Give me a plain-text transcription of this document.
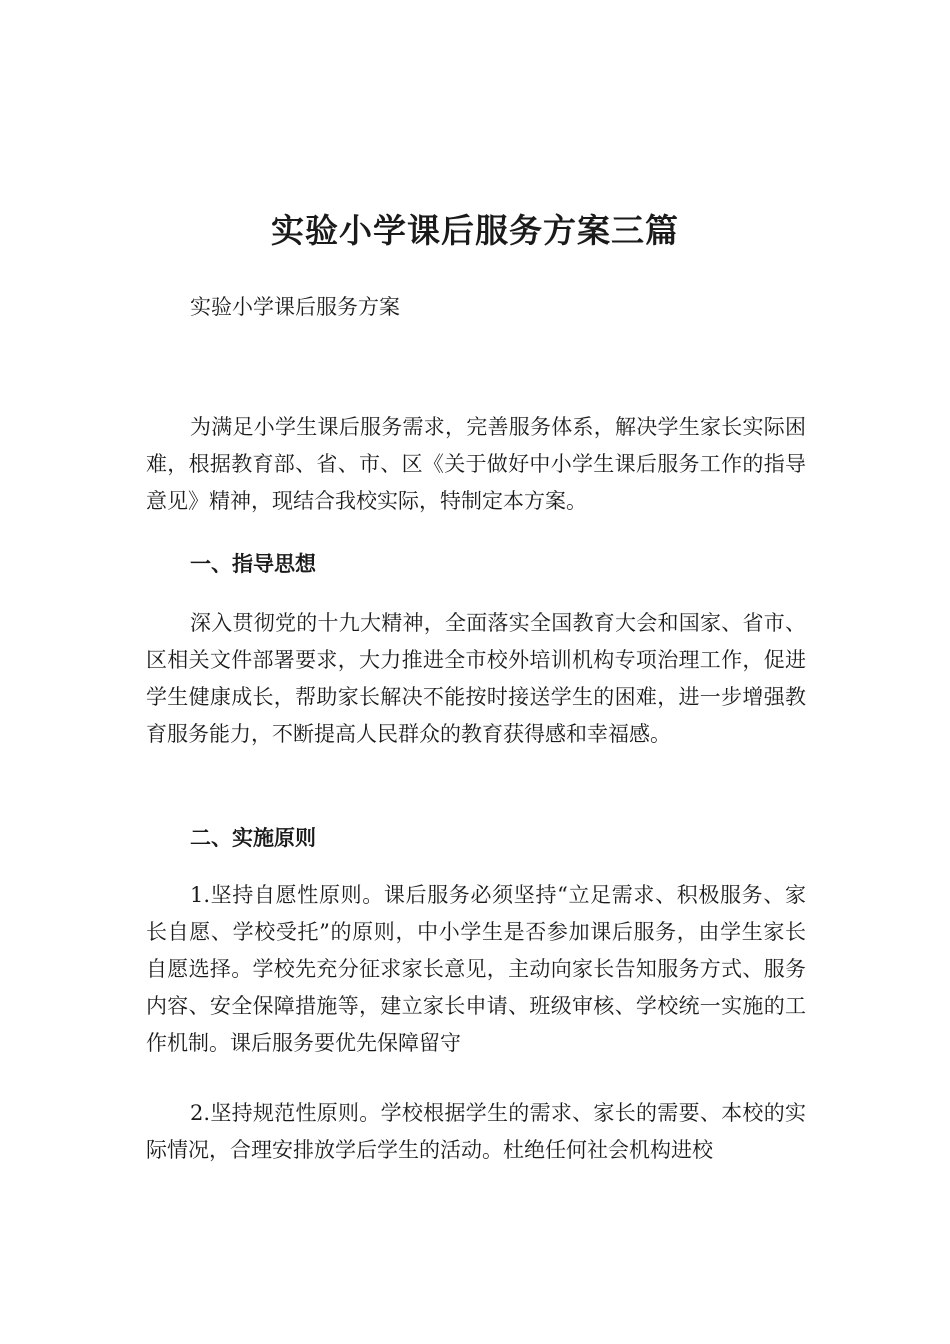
实验小学课后服务方案三篇

实验小学课后服务方案

为满足小学生课后服务需求，完善服务体系，解决学生家长实际困难，根据教育部、省、市、区《关于做好中小学生课后服务工作的指导意见》精神，现结合我校实际，特制定本方案。

一、指导思想

深入贯彻党的十九大精神，全面落实全国教育大会和国家、省市、区相关文件部署要求，大力推进全市校外培训机构专项治理工作，促进学生健康成长，帮助家长解决不能按时接送学生的困难，进一步增强教育服务能力，不断提高人民群众的教育获得感和幸福感。

二、实施原则

1.坚持自愿性原则。课后服务必须坚持“立足需求、积极服务、家长自愿、学校受托”的原则，中小学生是否参加课后服务，由学生家长自愿选择。学校先充分征求家长意见，主动向家长告知服务方式、服务内容、安全保障措施等，建立家长申请、班级审核、学校统一实施的工作机制。课后服务要优先保障留守

2.坚持规范性原则。学校根据学生的需求、家长的需要、本校的实际情况，合理安排放学后学生的活动。杜绝任何社会机构进校
